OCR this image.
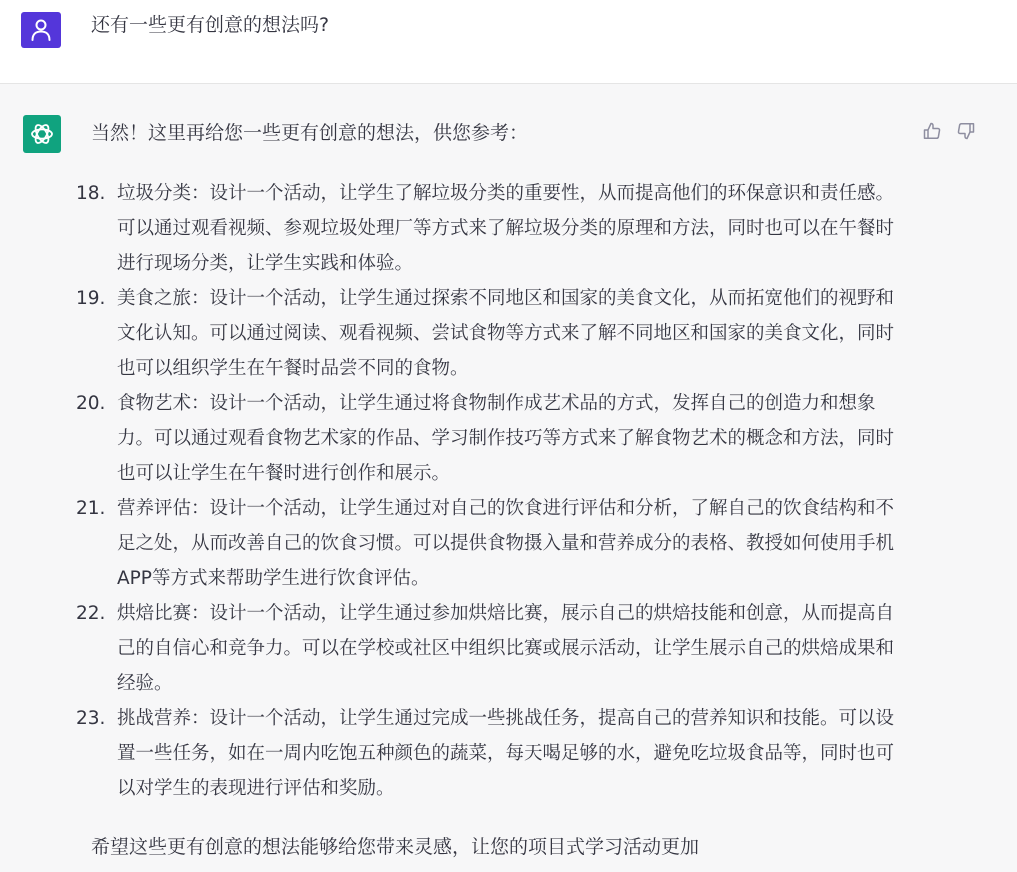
还有一些更有创意的想法吗?
当然！这里再给您一些更有创意的想法，供您参考：
18. 垃圾分类：设计一个活动，让学生了解垃圾分类的重要性，从而提高他们的环保意识和责任感。可以通过观看视频、参观垃圾处理厂等方式来了解垃圾分类的原理和方法，同时也可以在午餐时进行现场分类，让学生实践和体验。
19. 美食之旅：设计一个活动，让学生通过探索不同地区和国家的美食文化，从而拓宽他们的视野和文化认知。可以通过阅读、观看视频、尝试食物等方式来了解不同地区和国家的美食文化，同时也可以组织学生在午餐时品尝不同的食物。
20. 食物艺术：设计一个活动，让学生通过将食物制作成艺术品的方式，发挥自己的创造力和想象力。可以通过观看食物艺术家的作品、学习制作技巧等方式来了解食物艺术的概念和方法，同时也可以让学生在午餐时进行创作和展示。
21. 营养评估：设计一个活动，让学生通过对自己的饮食进行评估和分析，了解自己的饮食结构和不足之处，从而改善自己的饮食习惯。可以提供食物摄入量和营养成分的表格、教授如何使用手机APP等方式来帮助学生进行饮食评估。
22. 烘焙比赛：设计一个活动，让学生通过参加烘焙比赛，展示自己的烘焙技能和创意，从而提高自己的自信心和竞争力。可以在学校或社区中组织比赛或展示活动，让学生展示自己的烘焙成果和经验。
23. 挑战营养：设计一个活动，让学生通过完成一些挑战任务，提高自己的营养知识和技能。可以设置一些任务，如在一周内吃饱五种颜色的蔬菜，每天喝足够的水，避免吃垃圾食品等，同时也可以对学生的表现进行评估和奖励。
希望这些更有创意的想法能够给您带来灵感，让您的项目式学习活动更加
